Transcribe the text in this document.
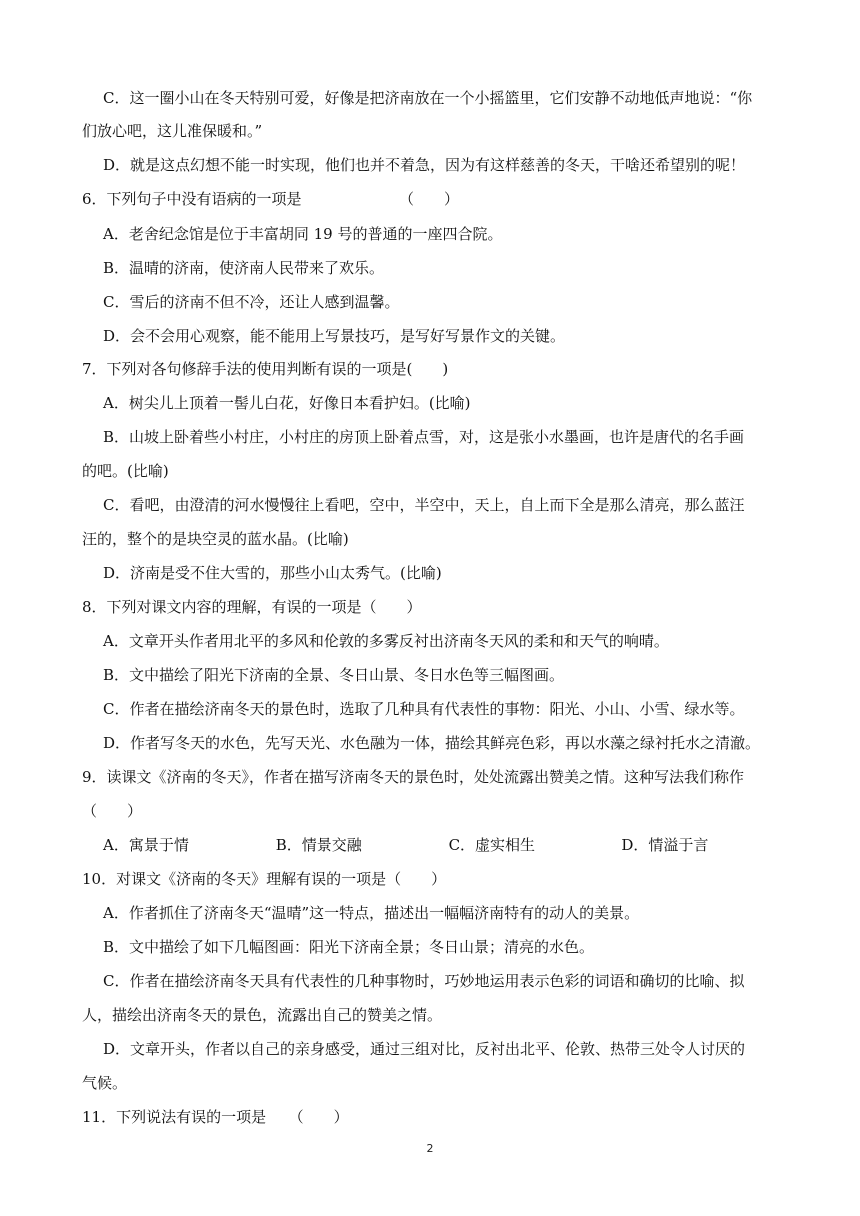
C．这一圈小山在冬天特别可爱，好像是把济南放在一个小摇篮里，它们安静不动地低声地说：“你
们放心吧，这儿准保暖和。”
D．就是这点幻想不能一时实现，他们也并不着急，因为有这样慈善的冬天，干啥还希望别的呢！
6．下列句子中没有语病的一项是　　　　　　　（　　）
A．老舍纪念馆是位于丰富胡同 19 号的普通的一座四合院。
B．温晴的济南，使济南人民带来了欢乐。
C．雪后的济南不但不冷，还让人感到温馨。
D．会不会用心观察，能不能用上写景技巧，是写好写景作文的关键。
7．下列对各句修辞手法的使用判断有误的一项是(　　)
A．树尖儿上顶着一髻儿白花，好像日本看护妇。(比喻)
B．山坡上卧着些小村庄，小村庄的房顶上卧着点雪，对，这是张小水墨画，也许是唐代的名手画
的吧。(比喻)
C．看吧，由澄清的河水慢慢往上看吧，空中，半空中，天上，自上而下全是那么清亮，那么蓝汪
汪的，整个的是块空灵的蓝水晶。(比喻)
D．济南是受不住大雪的，那些小山太秀气。(比喻)
8．下列对课文内容的理解，有误的一项是（　　）
A．文章开头作者用北平的多风和伦敦的多雾反衬出济南冬天风的柔和和天气的响晴。
B．文中描绘了阳光下济南的全景、冬日山景、冬日水色等三幅图画。
C．作者在描绘济南冬天的景色时，选取了几种具有代表性的事物：阳光、小山、小雪、绿水等。
D．作者写冬天的水色，先写天光、水色融为一体，描绘其鲜亮色彩，再以水藻之绿衬托水之清澈。
9．读课文《济南的冬天》，作者在描写济南冬天的景色时，处处流露出赞美之情。这种写法我们称作
（　　）
A．寓景于情	B．情景交融	C．虚实相生	D．情溢于言
10．对课文《济南的冬天》理解有误的一项是（　　）
A．作者抓住了济南冬天“温晴”这一特点，描述出一幅幅济南特有的动人的美景。
B．文中描绘了如下几幅图画：阳光下济南全景；冬日山景；清亮的水色。
C．作者在描绘济南冬天具有代表性的几种事物时，巧妙地运用表示色彩的词语和确切的比喻、拟
人，描绘出济南冬天的景色，流露出自己的赞美之情。
D．文章开头，作者以自己的亲身感受，通过三组对比，反衬出北平、伦敦、热带三处令人讨厌的
气候。
11．下列说法有误的一项是　　（　　）
2
